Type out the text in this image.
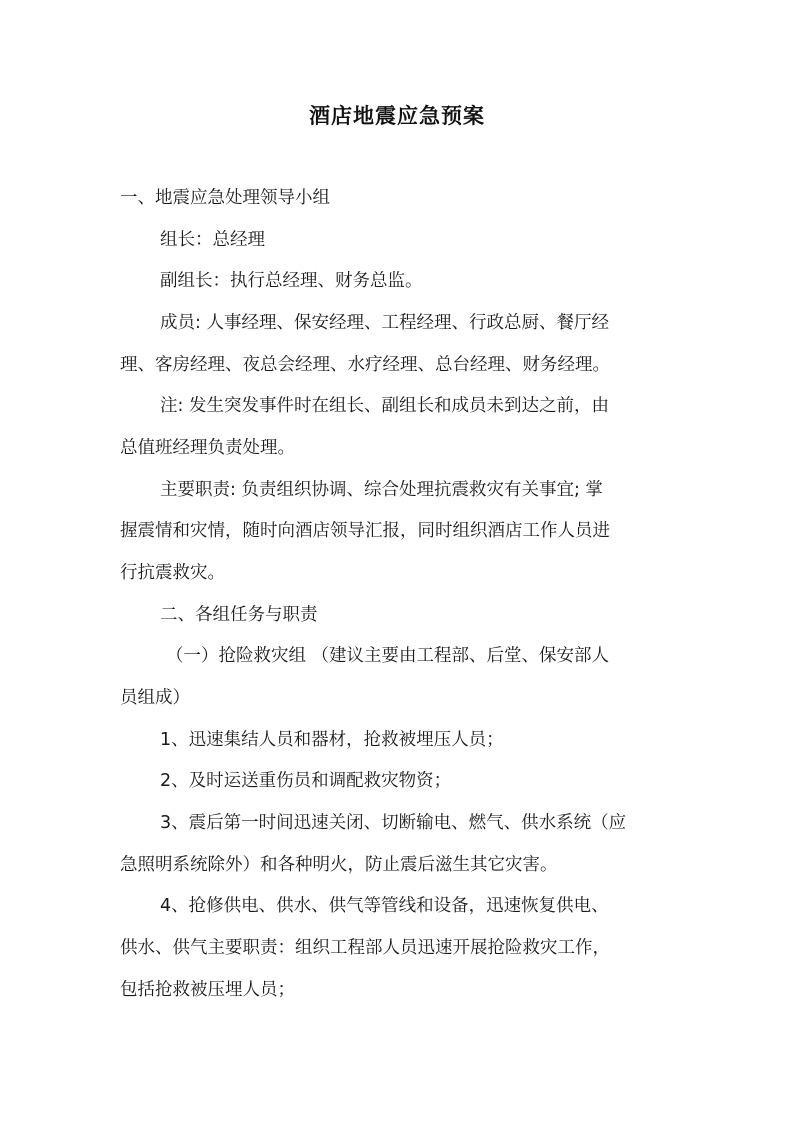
酒店地震应急预案
一、地震应急处理领导小组
组长：总经理
副组长：执行总经理、财务总监。
成员: 人事经理、保安经理、工程经理、行政总厨、餐厅经
理、客房经理、夜总会经理、水疗经理、总台经理、财务经理。
注: 发生突发事件时在组长、副组长和成员未到达之前，由
总值班经理负责处理。
主要职责: 负责组织协调、综合处理抗震救灾有关事宜; 掌
握震情和灾情，随时向酒店领导汇报，同时组织酒店工作人员进
行抗震救灾。
二、各组任务与职责
（一）抢险救灾组 （建议主要由工程部、后堂、保安部人
员组成）
1、迅速集结人员和器材，抢救被埋压人员；
2、及时运送重伤员和调配救灾物资；
3、震后第一时间迅速关闭、切断输电、燃气、供水系统（应
急照明系统除外）和各种明火，防止震后滋生其它灾害。
4、抢修供电、供水、供气等管线和设备，迅速恢复供电、
供水、供气主要职责：组织工程部人员迅速开展抢险救灾工作，
包括抢救被压埋人员；
